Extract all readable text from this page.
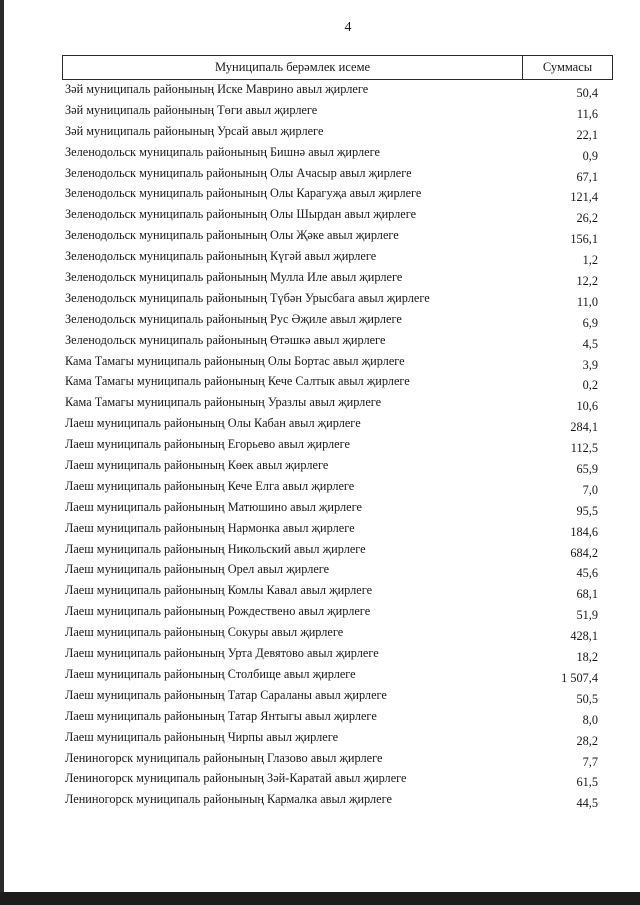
4
Муниципаль берәмлек исеме	Суммасы
Зәй муниципаль районының Иске Маврино авыл җирлеге	50,4
Зәй муниципаль районының Төги авыл җирлеге	11,6
Зәй муниципаль районының Урсай авыл җирлеге	22,1
Зеленодольск муниципаль районының Бишнә авыл җирлеге	0,9
Зеленодольск муниципаль районының Олы Ачасыр авыл җирлеге	67,1
Зеленодольск муниципаль районының Олы Карагуҗа авыл җирлеге	121,4
Зеленодольск муниципаль районының Олы Шырдан авыл җирлеге	26,2
Зеленодольск муниципаль районының Олы Җәке авыл җирлеге	156,1
Зеленодольск муниципаль районының Күгәй авыл җирлеге	1,2
Зеленодольск муниципаль районының Мулла Иле авыл җирлеге	12,2
Зеленодольск муниципаль районының Түбән Урысбага авыл җирлеге	11,0
Зеленодольск муниципаль районының Рус Әҗиле авыл җирлеге	6,9
Зеленодольск муниципаль районының Өтәшкә авыл җирлеге	4,5
Кама Тамагы муниципаль районының Олы Бортас авыл җирлеге	3,9
Кама Тамагы муниципаль районының Кече Салтык авыл җирлеге	0,2
Кама Тамагы муниципаль районының Уразлы авыл җирлеге	10,6
Лаеш муниципаль районының Олы Кабан авыл җирлеге	284,1
Лаеш муниципаль районының Егорьево авыл җирлеге	112,5
Лаеш муниципаль районының Көек авыл җирлеге	65,9
Лаеш муниципаль районының Кече Елга авыл җирлеге	7,0
Лаеш муниципаль районының Матюшино авыл җирлеге	95,5
Лаеш муниципаль районының Нармонка авыл җирлеге	184,6
Лаеш муниципаль районының Никольский авыл җирлеге	684,2
Лаеш муниципаль районының Орел авыл җирлеге	45,6
Лаеш муниципаль районының Комлы Кавал авыл җирлеге	68,1
Лаеш муниципаль районының Рождествено авыл җирлеге	51,9
Лаеш муниципаль районының Сокуры авыл җирлеге	428,1
Лаеш муниципаль районының Урта Девятово авыл җирлеге	18,2
Лаеш муниципаль районының Столбище авыл җирлеге	1 507,4
Лаеш муниципаль районының Татар Сараланы авыл җирлеге	50,5
Лаеш муниципаль районының Татар Янтыгы авыл җирлеге	8,0
Лаеш муниципаль районының Чирпы авыл җирлеге	28,2
Лениногорск муниципаль районының Глазово авыл җирлеге	7,7
Лениногорск муниципаль районының Зәй-Каратай авыл җирлеге	61,5
Лениногорск муниципаль районының Кармалка авыл җирлеге	44,5
